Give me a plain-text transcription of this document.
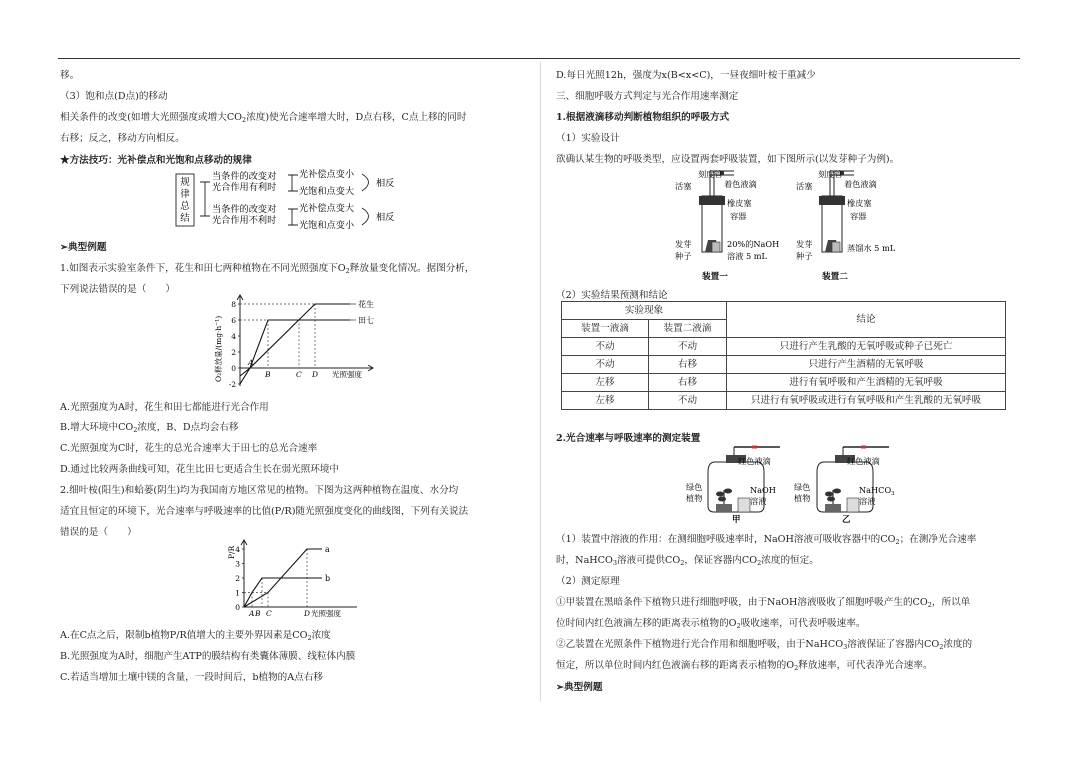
移。
（3）饱和点(D点)的移动
相关条件的改变(如增大光照强度或增大$CO_2$浓度)使光合速率增大时，D点右移，C点上移的同时
右移；反之，移动方向相反。
★方法技巧：光补偿点和光饱和点移动的规律
规
律
总
结
当条件的改变对
光合作用有利时
当条件的改变对
光合作用不利时
光补偿点变小
光饱和点变大
光补偿点变大
光饱和点变小
相反
相反
➢典型例题
1.如图表示实验室条件下，花生和田七两种植物在不同光照强度下$O_2$释放量变化情况。据图分析，
下列说法错误的是（　　）
8
6
4
2
0
-2
花生
田七
A
B	C D 光照强度
O₂释放量/(mg·h⁻¹)
A.光照强度为A时，花生和田七都能进行光合作用
B.增大环境中$CO_2$浓度，B、D点均会右移
C.光照强度为C时，花生的总光合速率大于田七的总光合速率
D.通过比较两条曲线可知，花生比田七更适合生长在弱光照环境中
2.细叶桉(阳生)和蛤蒌(阴生)均为我国南方地区常见的植物。下图为这两种植物在温度、水分均
适宜且恒定的环境下，光合速率与呼吸速率的比值(P/R)随光照强度变化的曲线图，下列有关说法
错误的是（　　）
4
3
2
1
0
a
b
A B C	D 光照强度
P/R
A.在C点之后，限制b植物P/R值增大的主要外界因素是$CO_2$浓度
B.光照强度为A时，细胞产生ATP的膜结构有类囊体薄膜、线粒体内膜
C.若适当增加土壤中镁的含量，一段时间后，b植物的A点右移
D.每日光照12h，强度为x(B<x<C)，一昼夜细叶桉干重减少
三、细胞呼吸方式判定与光合作用速率测定
1.根据液滴移动判断植物组织的呼吸方式
（1）实验设计
欲确认某生物的呼吸类型，应设置两套呼吸装置，如下图所示(以发芽种子为例)。
刻度管
活塞	着色液滴
橡皮塞
容器
发芽
种子
20%的NaOH
溶液 5 mL
装置一
刻度管
活塞	着色液滴
橡皮塞
容器
发芽
种子
蒸馏水 5 mL
装置二
（2）实验结果预测和结论
实验现象		结论
装置一液滴	装置二液滴	
不动	不动	只进行产生乳酸的无氧呼吸或种子已死亡
不动	右移	只进行产生酒精的无氧呼吸
左移	右移	进行有氧呼吸和产生酒精的无氧呼吸
左移	不动	只进行有氧呼吸或进行有氧呼吸和产生乳酸的无氧呼吸
2.光合速率与呼吸速率的测定装置
红色液滴	红色液滴
绿色
植物
绿色
植物
NaOH
溶液
NaHCO$_3$
溶液
甲	乙
（1）装置中溶液的作用：在测细胞呼吸速率时，NaOH溶液可吸收容器中的$CO_2$；在测净光合速率
时，NaHCO$_3$溶液可提供$CO_2$，保证容器内$CO_2$浓度的恒定。
（2）测定原理
①甲装置在黑暗条件下植物只进行细胞呼吸，由于NaOH溶液吸收了细胞呼吸产生的$CO_2$，所以单
位时间内红色液滴左移的距离表示植物的$O_2$吸收速率，可代表呼吸速率。
②乙装置在光照条件下植物进行光合作用和细胞呼吸，由于NaHCO$_3$溶液保证了容器内$CO_2$浓度的
恒定，所以单位时间内红色液滴右移的距离表示植物的$O_2$释放速率，可代表净光合速率。
➢典型例题
